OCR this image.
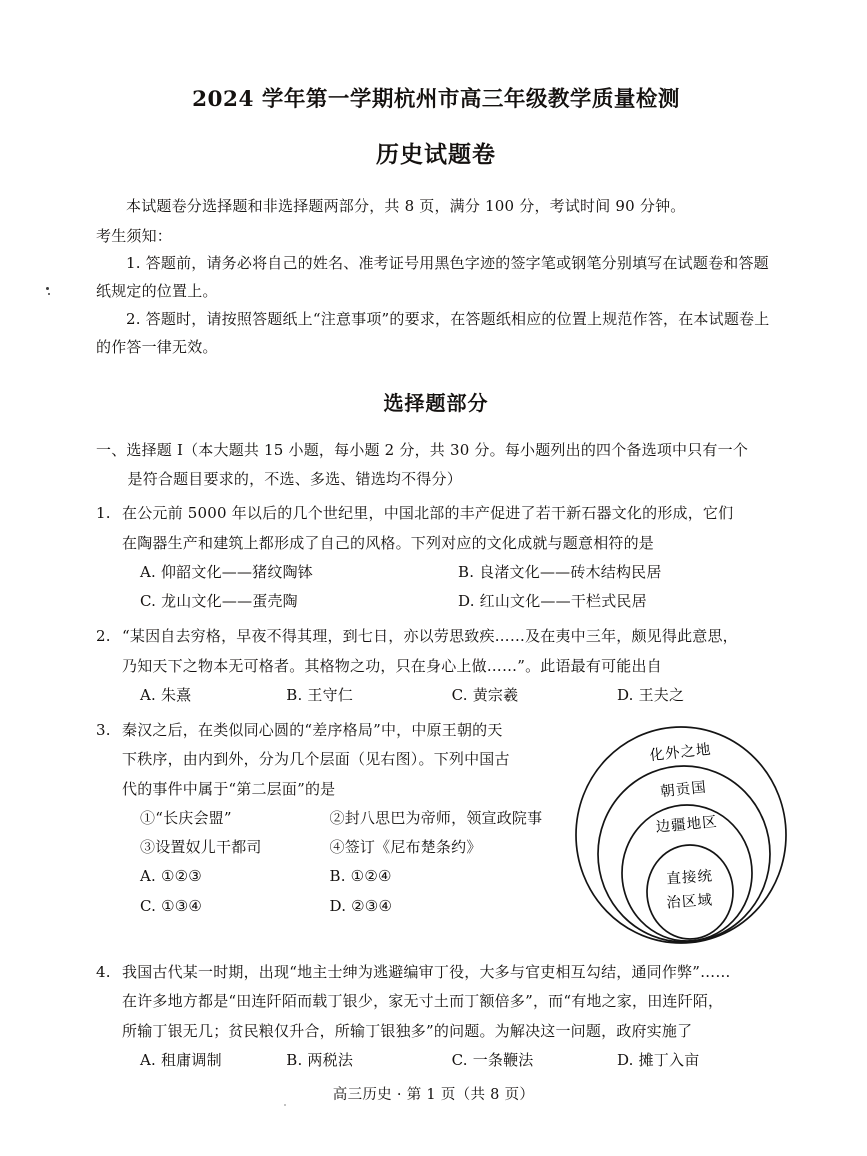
2024 学年第一学期杭州市高三年级教学质量检测
历史试题卷

本试题卷分选择题和非选择题两部分，共 8 页，满分 100 分，考试时间 90 分钟。

考生须知：

1. 答题前，请务必将自己的姓名、准考证号用黑色字迹的签字笔或钢笔分别填写在试题卷和答题纸规定的位置上。

2. 答题时，请按照答题纸上“注意事项”的要求，在答题纸相应的位置上规范作答，在本试题卷上的作答一律无效。

选择题部分
一、选择题 I（本大题共 15 小题，每小题 2 分，共 30 分。每小题列出的四个备选项中只有一个
是符合题目要求的，不选、多选、错选均不得分）
1. 在公元前 5000 年以后的几个世纪里，中国北部的丰产促进了若干新石器文化的形成，它们

在陶器生产和建筑上都形成了自己的风格。下列对应的文化成就与题意相符的是

A. 仰韶文化——猪纹陶钵	B. 良渚文化——砖木结构民居
C. 龙山文化——蛋壳陶	D. 红山文化——干栏式民居
2. “某因自去穷格，早夜不得其理，到七日，亦以劳思致疾……及在夷中三年，颇见得此意思，

乃知天下之物本无可格者。其格物之功，只在身心上做……”。此语最有可能出自

A. 朱熹	B. 王守仁	C. 黄宗羲	D. 王夫之
3. 秦汉之后，在类似同心圆的“差序格局”中，中原王朝的天

下秩序，由内到外，分为几个层面（见右图）。下列中国古

代的事件中属于“第二层面”的是

①“长庆会盟”	②封八思巴为帝师，领宣政院事
③设置奴儿干都司	④签订《尼布楚条约》
A. ①②③	B. ①②④
C. ①③④	D. ②③④
化外之地
朝贡国
边疆地区
直接统
治区域
4. 我国古代某一时期，出现“地主士绅为逃避编审丁役，大多与官吏相互勾结，通同作弊”……

在许多地方都是“田连阡陌而载丁银少，家无寸土而丁额倍多”，而“有地之家，田连阡陌，

所输丁银无几；贫民粮仅升合，所输丁银独多”的问题。为解决这一问题，政府实施了

A. 租庸调制	B. 两税法	C. 一条鞭法	D. 摊丁入亩
高三历史 · 第 1 页（共 8 页）
